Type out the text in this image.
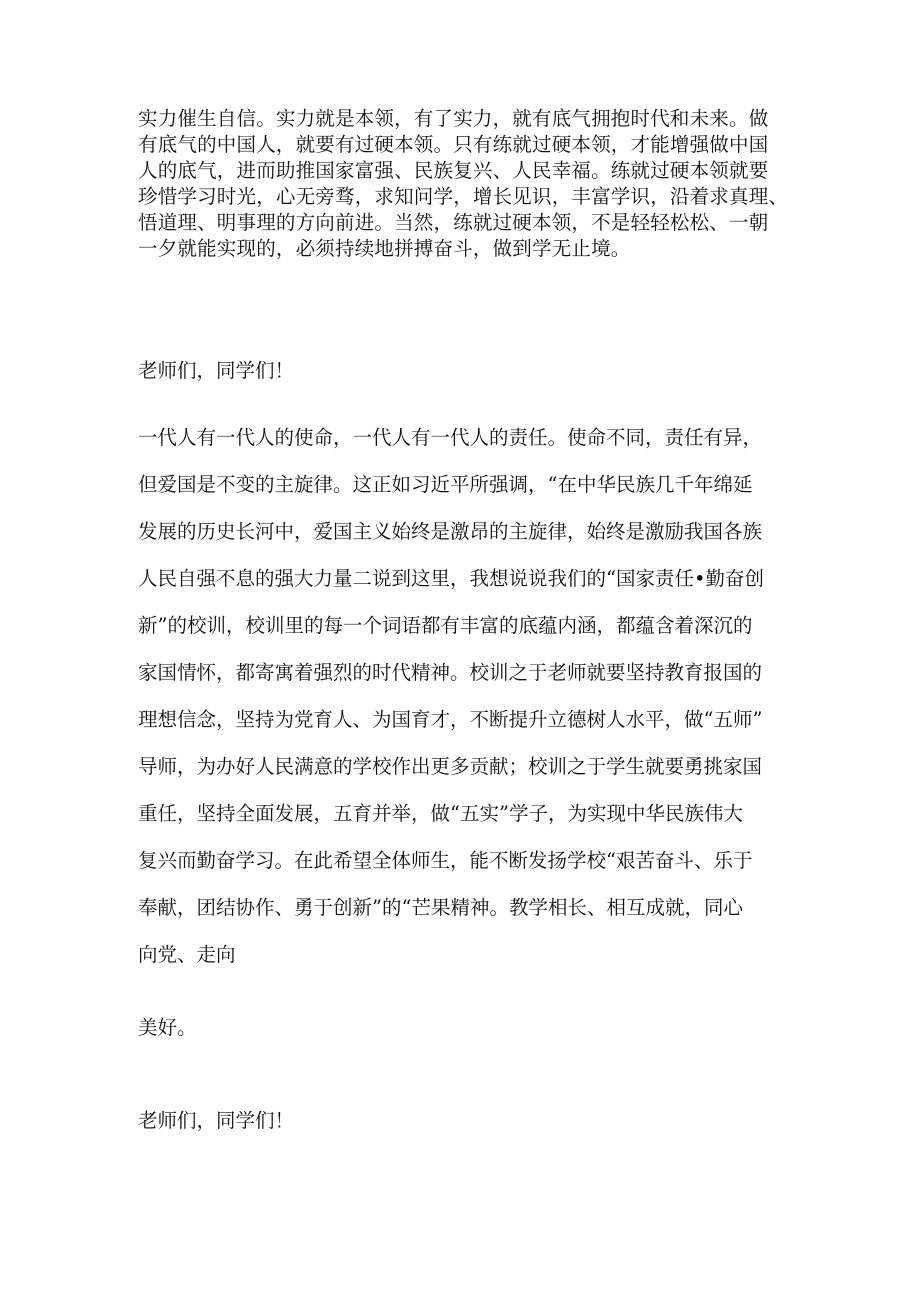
实力催生自信。实力就是本领，有了实力，就有底气拥抱时代和未来。做
有底气的中国人，就要有过硬本领。只有练就过硬本领，才能增强做中国
人的底气，进而助推国家富强、民族复兴、人民幸福。练就过硬本领就要
珍惜学习时光，心无旁骛，求知问学，增长见识，丰富学识，沿着求真理、
悟道理、明事理的方向前进。当然，练就过硬本领，不是轻轻松松、一朝
一夕就能实现的，必须持续地拼搏奋斗，做到学无止境。
老师们，同学们！
一代人有一代人的使命，一代人有一代人的责任。使命不同，责任有异，
但爱国是不变的主旋律。这正如习近平所强调，“在中华民族几千年绵延
发展的历史长河中，爱国主义始终是激昂的主旋律，始终是激励我国各族
人民自强不息的强大力量二说到这里，我想说说我们的“国家责任•勤奋创
新”的校训，校训里的每一个词语都有丰富的底蕴内涵，都蕴含着深沉的
家国情怀，都寄寓着强烈的时代精神。校训之于老师就要坚持教育报国的
理想信念，坚持为党育人、为国育才，不断提升立德树人水平，做“五师”
导师，为办好人民满意的学校作出更多贡献；校训之于学生就要勇挑家国
重任，坚持全面发展，五育并举，做“五实”学子，为实现中华民族伟大
复兴而勤奋学习。在此希望全体师生，能不断发扬学校“艰苦奋斗、乐于
奉献，团结协作、勇于创新”的“芒果精神。教学相长、相互成就，同心
向党、走向
美好。
老师们，同学们！
